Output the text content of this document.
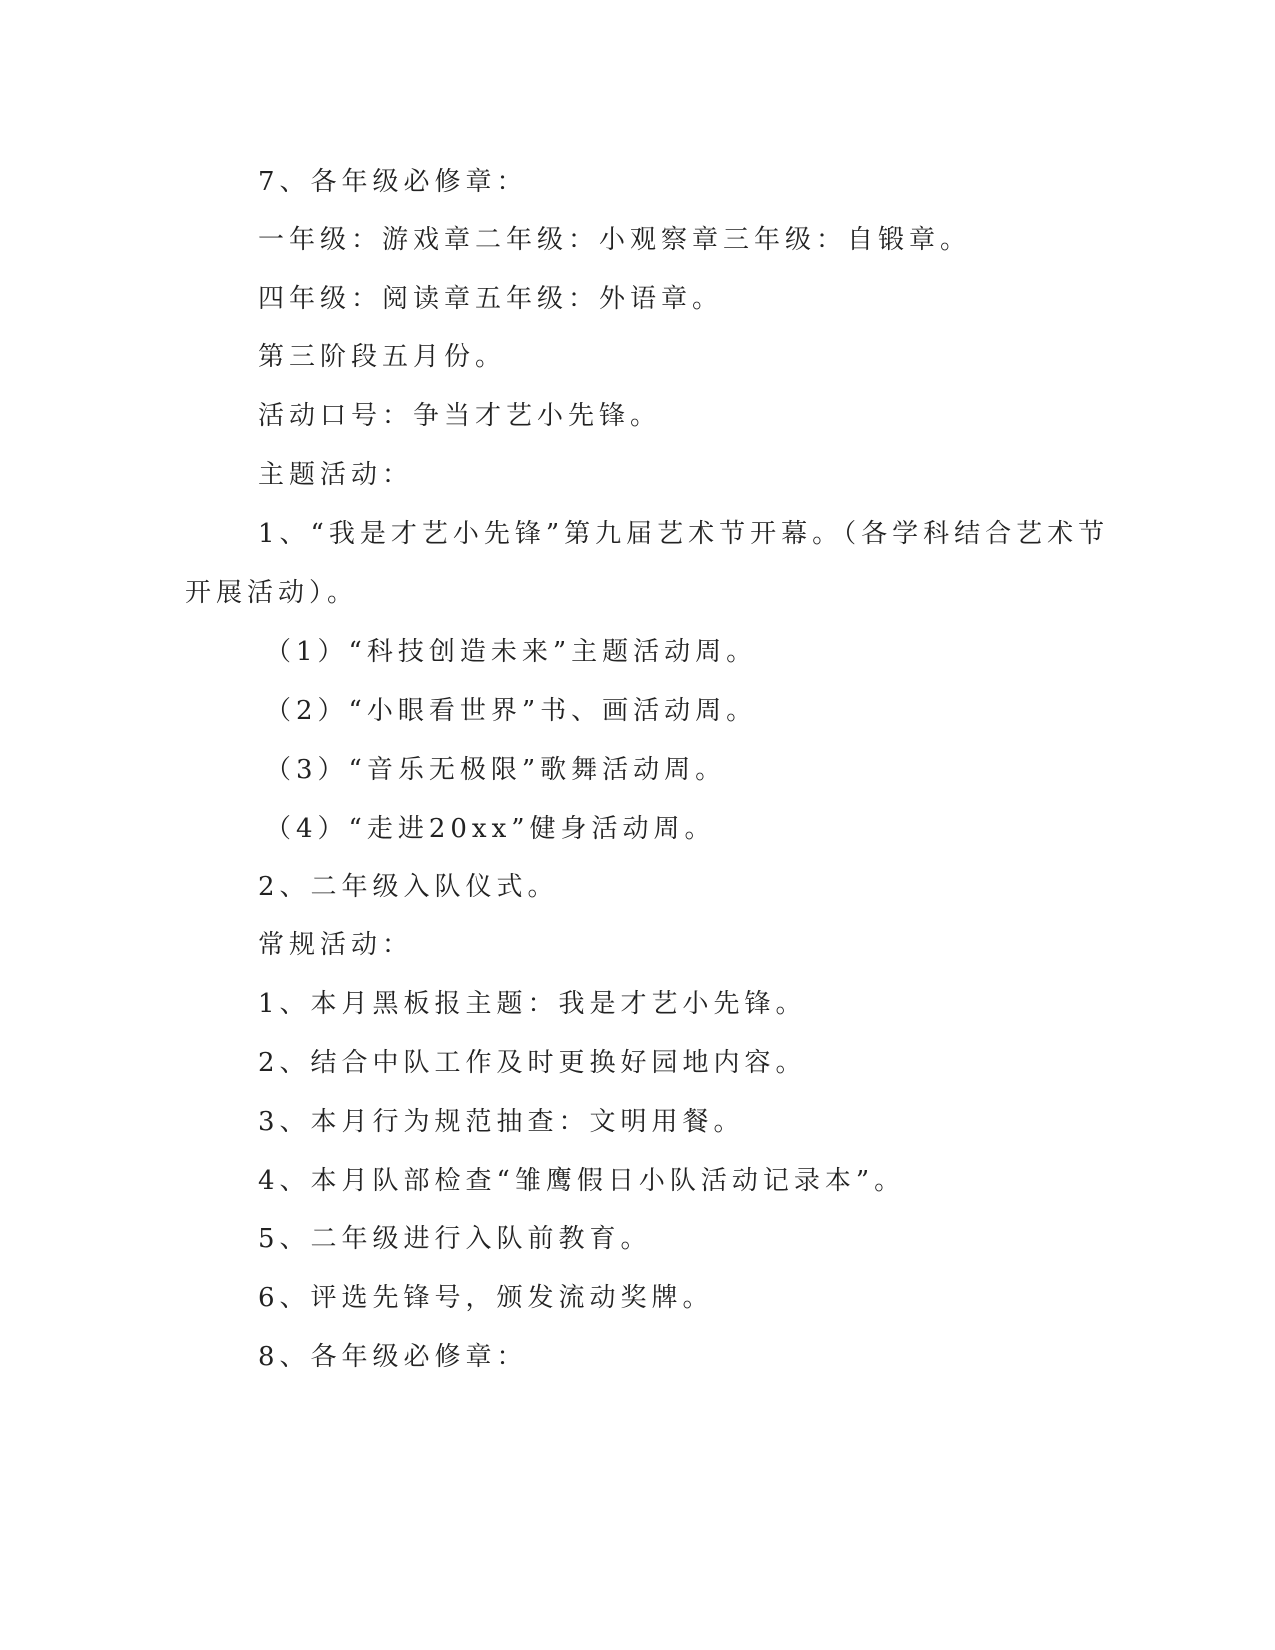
7、各年级必修章：
一年级：游戏章二年级：小观察章三年级：自锻章。
四年级：阅读章五年级：外语章。
第三阶段五月份。
活动口号：争当才艺小先锋。
主题活动：
1、“我是才艺小先锋”第九届艺术节开幕。（各学科结合艺术节
开展活动）。
（1）“科技创造未来”主题活动周。
（2）“小眼看世界”书、画活动周。
（3）“音乐无极限”歌舞活动周。
（4）“走进20xx”健身活动周。
2、二年级入队仪式。
常规活动：
1、本月黑板报主题：我是才艺小先锋。
2、结合中队工作及时更换好园地内容。
3、本月行为规范抽查：文明用餐。
4、本月队部检查“雏鹰假日小队活动记录本”。
5、二年级进行入队前教育。
6、评选先锋号，颁发流动奖牌。
8、各年级必修章：
